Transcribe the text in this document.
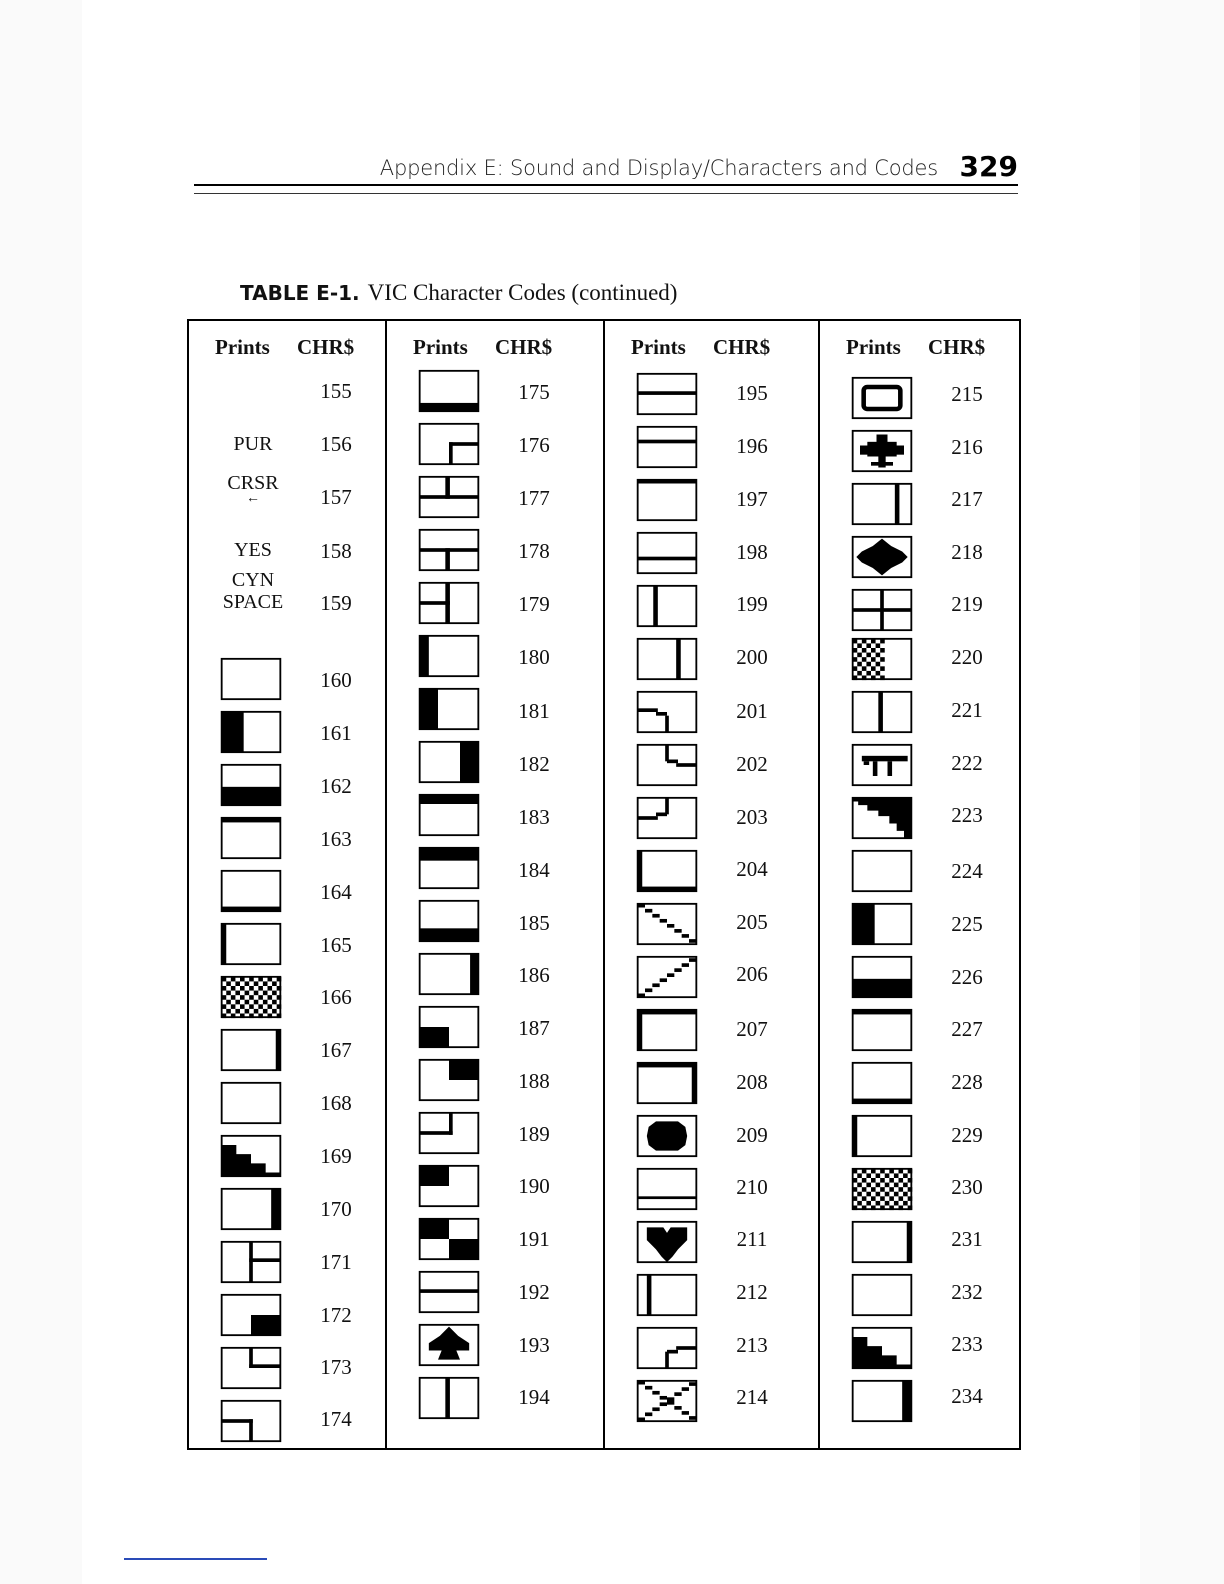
Appendix E: Sound and Display/Characters and Codes 329
TABLE E-1. VIC Character Codes (continued)
Prints CHR$
155
156
PUR
157
CRSR
←
158
YES
159
CYN
SPACE
160
161
162
163
164
165
166
167
168
169
170
171
172
173
174
Prints CHR$
175
176
177
178
179
180
181
182
183
184
185
186
187
188
189
190
191
192
193
194
Prints CHR$
195
196
197
198
199
200
201
202
203
204
205
206
207
208
209
210
211
212
213
214
Prints CHR$
215
216
217
218
219
220
221
222
223
224
225
226
227
228
229
230
231
232
233
234
